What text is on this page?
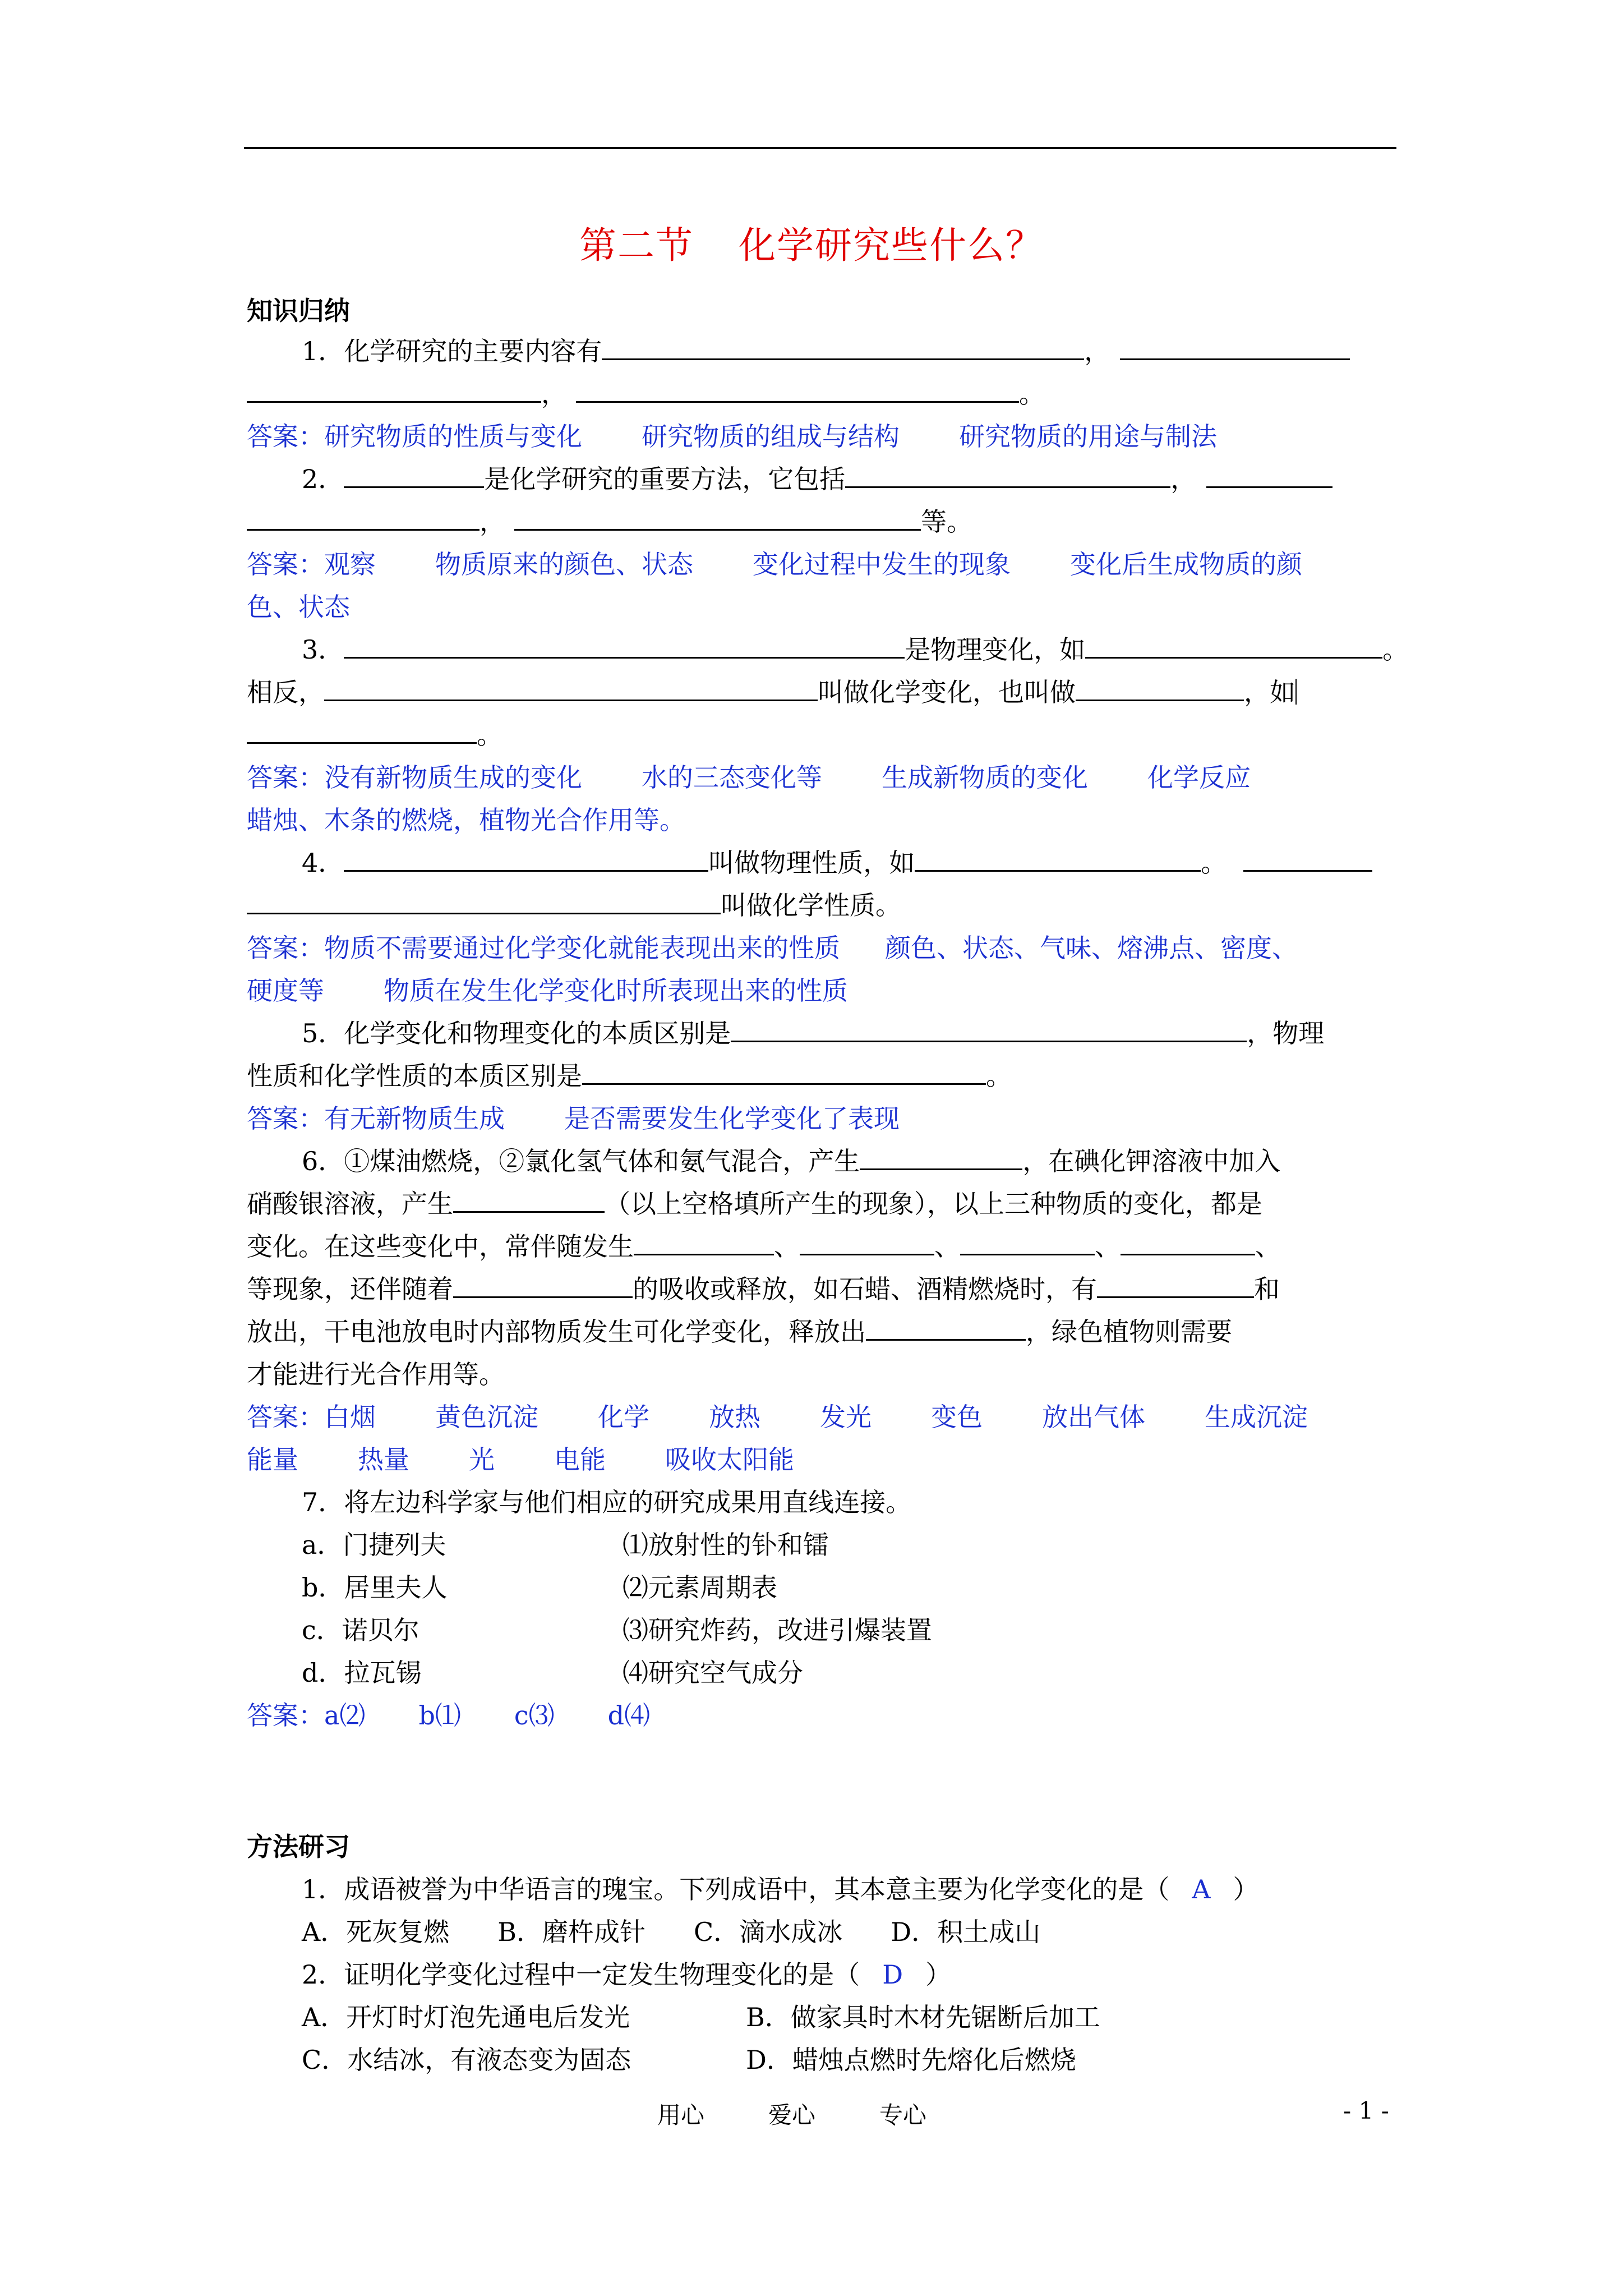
第二节 化学研究些什么？
知识归纳
1．化学研究的主要内容有	，
，	。
答案：研究物质的性质与变化 研究物质的组成与结构 研究物质的用途与制法
2．	是化学研究的重要方法，它包括	，
，	等。
答案：观察 物质原来的颜色、状态 变化过程中发生的现象 变化后生成物质的颜
色、状态
3．	是物理变化，如	。
相反，	叫做化学变化，也叫做	，如
。
答案：没有新物质生成的变化 水的三态变化等 生成新物质的变化 化学反应
蜡烛、木条的燃烧，植物光合作用等。
4．	叫做物理性质，如	。
叫做化学性质。
答案：物质不需要通过化学变化就能表现出来的性质 颜色、状态、气味、熔沸点、密度、
硬度等 物质在发生化学变化时所表现出来的性质
5．化学变化和物理变化的本质区别是	，物理
性质和化学性质的本质区别是	。
答案：有无新物质生成 是否需要发生化学变化了表现
6．①煤油燃烧，②氯化氢气体和氨气混合，产生	，在碘化钾溶液中加入
硝酸银溶液，产生	（以上空格填所产生的现象），以上三种物质的变化，都是
变化。在这些变化中，常伴随发生	、	、	、	、
等现象，还伴随着	的吸收或释放，如石蜡、酒精燃烧时，有	和
放出，干电池放电时内部物质发生可化学变化，释放出	，绿色植物则需要
才能进行光合作用等。
答案：白烟 黄色沉淀 化学 放热 发光 变色 放出气体 生成沉淀
能量 热量 光 电能 吸收太阳能
7．将左边科学家与他们相应的研究成果用直线连接。
a．门捷列夫	⑴放射性的钋和镭
b．居里夫人	⑵元素周期表
c．诺贝尔	⑶研究炸药，改进引爆装置
d．拉瓦锡	⑷研究空气成分
答案：a⑵ b⑴ c⑶ d⑷
方法研习
1．成语被誉为中华语言的瑰宝。下列成语中，其本意主要为化学变化的是（ A ）
A．死灰复燃 B．磨杵成针 C．滴水成冰 D．积土成山
2．证明化学变化过程中一定发生物理变化的是（ D ）
A．开灯时灯泡先通电后发光	B．做家具时木材先锯断后加工
C．水结冰，有液态变为固态	D．蜡烛点燃时先熔化后燃烧
用心	爱心	专心	- 1 -
